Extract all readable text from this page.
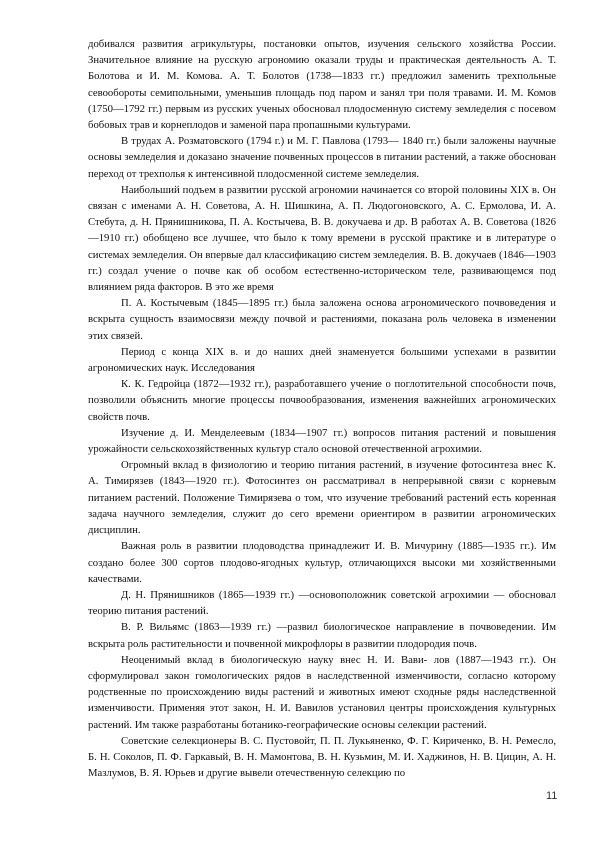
добивался развития агрикультуры, постановки опытов, изучения сельского хозяйства России. Значительное влияние на русскую агрономию оказали труды и практическая деятельность А. Т. Болотова и И. М. Комова. А. Т. Болотов (1738—1833 гг.) предложил заменить трехпольные севообороты семипольными, уменьшив площадь под паром и занял три поля травами. И. М. Комов (1750—1792 гг.) первым из русских ученых обосновал плодосменную систему земледелия с посевом бобовых трав и корнеплодов и заменой пара пропашными культурами.

В трудах А. Розматовского (1794 г.) и М. Г. Павлова (1793— 1840 гг.) были заложены научные основы земледелия и доказано значение почвенных процессов в питании растений, а также обоснован переход от трехполья к интенсивной плодосменной системе земледелия.

Наибольший подъем в развитии русской агрономии начинается со второй половины XIX в. Он связан с именами А. Н. Советова, А. Н. Шишкина, А. П. Людогоновского, А. С. Ермолова, И. А. Стебута, д. Н. Прянишникова, П. А. Костычева, В. В. докучаева и др. В работах А. В. Советова (1826—1910 гг.) обобщено все лучшее, что было к тому времени в русской практике и в литературе о системах земледелия. Он впервые дал классификацию систем земледелия. В. В. докучаев (1846—1903 гг.) создал учение о почве как об особом естественно-историческом теле, развивающемся под влиянием ряда факторов. В это же время

П. А. Костычевым (1845—1895 гг.) была заложена основа агрономического почвоведения и вскрыта сущность взаимосвязи между почвой и растениями, показана роль человека в изменении этих связей.

Период с конца XIX в. и до наших дней знаменуется большими успехами в развитии агрономических наук. Исследования

К. К. Гедройца (1872—1932 гг.), разработавшего учение о поглотительной способности почв, позволили объяснить многие процессы почвообразования, изменения важнейших агрономических свойств почв.

Изучение д. И. Менделеевым (1834—1907 гг.) вопросов питания растений и повышения урожайности сельскохозяйственных культур стало основой отечественной агрохимии.

Огромный вклад в физиологию и теорию питания растений, в изучение фотосинтеза внес К. А. Тимирязев (1843—1920 гг.). Фотосинтез он рассматривал в непрерывной связи с корневым питанием растений. Положение Тимирязева о том, что изучение требований растений есть коренная задача научного земледелия, служит до сего времени ориентиром в развитии агрономических дисциплин.

Важная роль в развитии плодоводства принадлежит И. В. Мичурину (1885—1935 гг.). Им создано более 300 сортов плодово-ягодных культур, отличающихся высоки ми хозяйственными качествами.

Д. Н. Прянишников (1865—1939 гг.) —основоположник советской агрохимии — обосновал теорию питания растений.

В. Р. Вильямс (1863—1939 гг.) —развил биологическое направление в почвоведении. Им вскрыта роль растительности и почвенной микрофлоры в развитии плодородия почв.

Неоценимый вклад в биологическую науку внес Н. И. Вави- лов (1887—1943 гг.). Он сформулировал закон гомологических рядов в наследственной изменчивости, согласно которому родственные по происхождению виды растений и животных имеют сходные ряды наследственной изменчивости. Применяя этот закон, Н. И. Вавилов установил центры происхождения культурных растений. Им также разработаны ботанико-географические основы селекции растений.

Советские селекционеры В. С. Пустовойт, П. П. Лукьяненко, Ф. Г. Кириченко, В. Н. Ремесло, Б. Н. Соколов, П. Ф. Гаркавый, В. Н. Мамонтова, В. Н. Кузьмин, М. И. Хаджинов, Н. В. Цицин, А. Н. Мазлумов, В. Я. Юрьев и другие вывели отечественную селекцию по

11
